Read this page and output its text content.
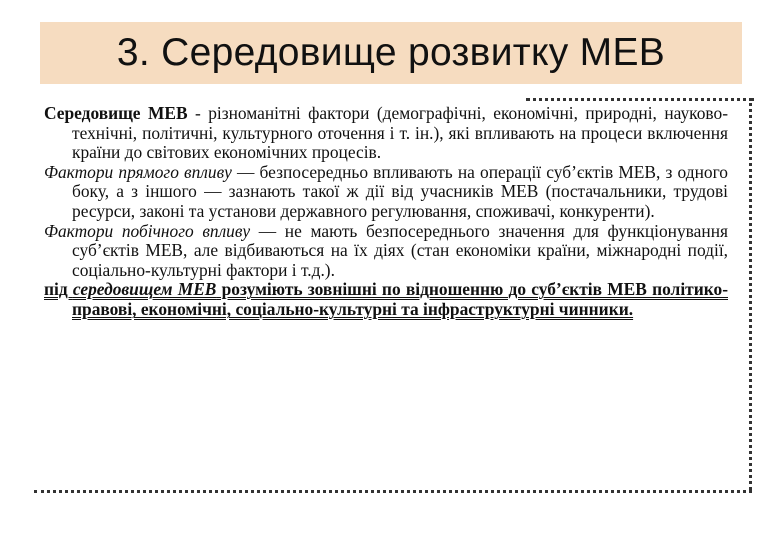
3. Середовище розвитку МЕВ

Середовище МЕВ - різноманітні фактори (демографічні, економічні, природні, науково-технічні, політичні, культурного оточення і т. ін.), які впливають на процеси включення країни до світових економічних процесів.

Фактори прямого впливу — безпосередньо впливають на операції суб’єктів МЕВ, з одного боку, а з іншого — зазнають такої ж дії від учасників МЕВ (постачальники, трудові ресурси, законі та установи державного регулювання, споживачі, конкуренти).

Фактори побічного впливу — не мають безпосереднього значення для функціонування суб’єктів МЕВ, але відбиваються на їх діях (стан економіки країни, міжнародні події, соціально-культурні фактори і т.д.).

під середовищем МЕВ розуміють зовнішні по відношенню до суб’єктів МЕВ політико-правові, економічні, соціально-культурні та інфраструктурні чинники.
